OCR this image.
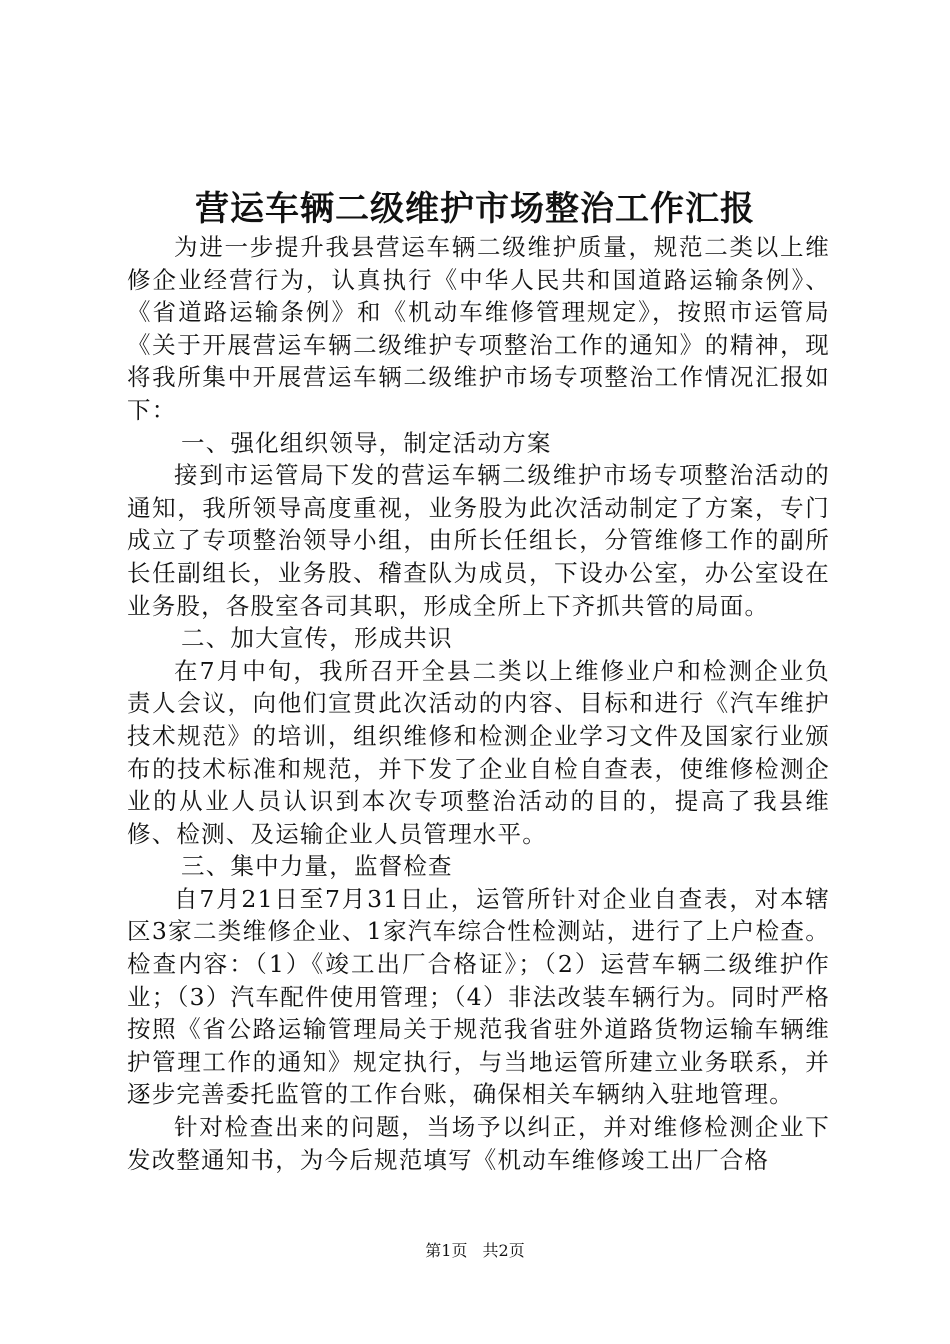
营运车辆二级维护市场整治工作汇报

为进一步提升我县营运车辆二级维护质量，规范二类以上维修企业经营行为，认真执行《中华人民共和国道路运输条例》、《省道路运输条例》和《机动车维修管理规定》，按照市运管局《关于开展营运车辆二级维护专项整治工作的通知》的精神，现将我所集中开展营运车辆二级维护市场专项整治工作情况汇报如下：

一、强化组织领导，制定活动方案

接到市运管局下发的营运车辆二级维护市场专项整治活动的通知，我所领导高度重视，业务股为此次活动制定了方案，专门成立了专项整治领导小组，由所长任组长，分管维修工作的副所长任副组长，业务股、稽查队为成员，下设办公室，办公室设在业务股，各股室各司其职，形成全所上下齐抓共管的局面。

二、加大宣传，形成共识

在7月中旬，我所召开全县二类以上维修业户和检测企业负责人会议，向他们宣贯此次活动的内容、目标和进行《汽车维护技术规范》的培训，组织维修和检测企业学习文件及国家行业颁布的技术标准和规范，并下发了企业自检自查表，使维修检测企业的从业人员认识到本次专项整治活动的目的，提高了我县维修、检测、及运输企业人员管理水平。

三、集中力量，监督检查

自7月21日至7月31日止，运管所针对企业自查表，对本辖区3家二类维修企业、1家汽车综合性检测站，进行了上户检查。检查内容：（1）《竣工出厂合格证》；（2）运营车辆二级维护作业；（3）汽车配件使用管理；（4）非法改装车辆行为。同时严格按照《省公路运输管理局关于规范我省驻外道路货物运输车辆维护管理工作的通知》规定执行，与当地运管所建立业务联系，并逐步完善委托监管的工作台账，确保相关车辆纳入驻地管理。

针对检查出来的问题，当场予以纠正，并对维修检测企业下发改整通知书，为今后规范填写《机动车维修竣工出厂合格

第1页 共2页
